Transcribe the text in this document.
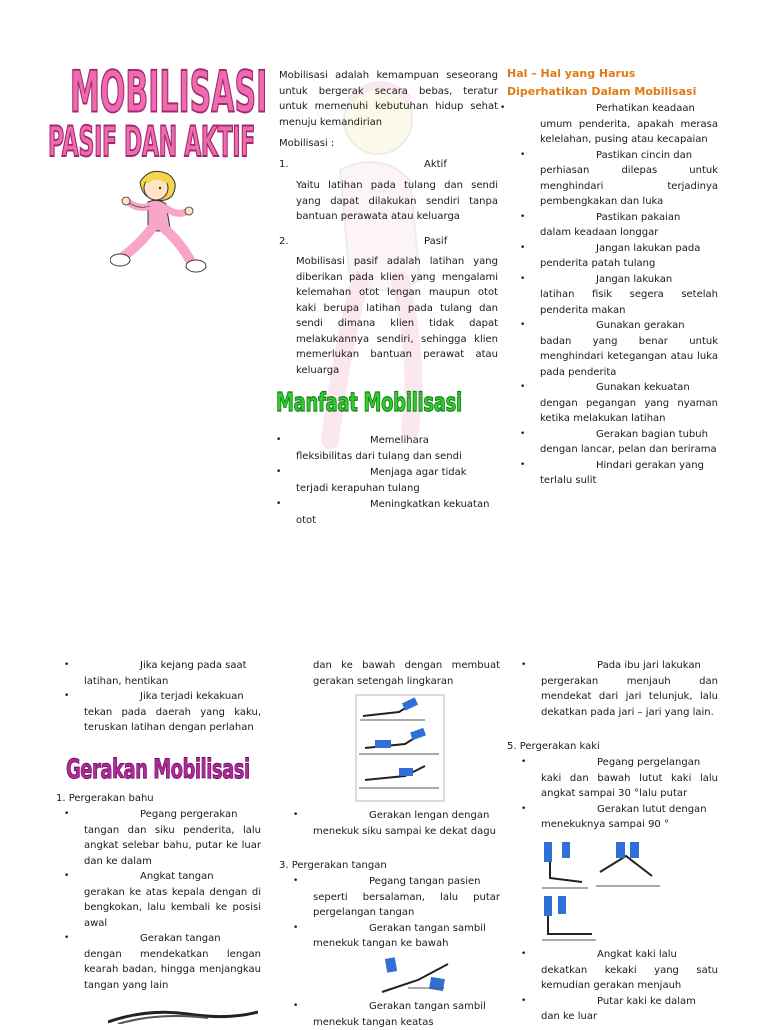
MOBILISASI
PASIF DAN AKTIF
Mobilisasi adalah kemampuan seseorang untuk bergerak secara bebas, teratur untuk memenuhi kebutuhan hidup sehat menuju kemandirian
Mobilisasi :
1.	Aktif
Yaitu latihan pada tulang dan sendi yang dapat dilakukan sendiri tanpa bantuan perawata atau keluarga
2.	Pasif
Mobilisasi pasif adalah latihan yang diberikan pada klien yang mengalami kelemahan otot lengan maupun otot kaki berupa latihan pada tulang dan sendi dimana klien tidak dapat melakukannya sendiri, sehingga klien memerlukan bantuan perawat atau keluarga
Manfaat Mobilisasi
• Memelihara
fleksibilitas dari tulang dan sendi
• Menjaga agar tidak
terjadi kerapuhan tulang
• Meningkatkan kekuatan
otot
Hal – Hal yang Harus
Diperhatikan Dalam Mobilisasi
• Perhatikan keadaan
umum penderita, apakah merasa kelelahan, pusing atau kecapaian
• Pastikan cincin dan
perhiasan dilepas untuk menghindari terjadinya pembengkakan dan luka
• Pastikan pakaian
dalam keadaan longgar
• Jangan lakukan pada
penderita patah tulang
• Jangan lakukan
latihan fisik segera setelah penderita makan
• Gunakan gerakan
badan yang benar untuk menghindari ketegangan atau luka pada penderita
• Gunakan kekuatan
dengan pegangan yang nyaman ketika melakukan latihan
• Gerakan bagian tubuh
dengan lancar, pelan dan berirama
• Hindari gerakan yang
terlalu sulit
• Jika kejang pada saat
latihan, hentikan
• Jika terjadi kekakuan
tekan pada daerah yang kaku, teruskan latihan dengan perlahan
Gerakan Mobilisasi
1. Pergerakan bahu
• Pegang pergerakan
tangan dan siku penderita, lalu angkat selebar bahu, putar ke luar dan ke dalam
• Angkat tangan
gerakan ke atas kepala dengan di bengkokan, lalu kembali ke posisi awal
• Gerakan tangan
dengan mendekatkan lengan kearah badan, hingga menjangkau tangan yang lain
dan ke bawah dengan membuat gerakan setengah lingkaran
• Gerakan lengan dengan
menekuk siku sampai ke dekat dagu
3. Pergerakan tangan
• Pegang tangan pasien
seperti bersalaman, lalu putar pergelangan tangan
• Gerakan tangan sambil
menekuk tangan ke bawah
• Gerakan tangan sambil
menekuk tangan keatas
• Pada ibu jari lakukan
pergerakan menjauh dan mendekat dari jari telunjuk, lalu dekatkan pada jari – jari yang lain.
5. Pergerakan kaki
• Pegang pergelangan
kaki dan bawah lutut kaki lalu angkat sampai 30 °lalu putar
• Gerakan lutut dengan
menekuknya sampai 90 °
• Angkat kaki lalu
dekatkan kekaki yang satu kemudian gerakan menjauh
• Putar kaki ke dalam
dan ke luar
